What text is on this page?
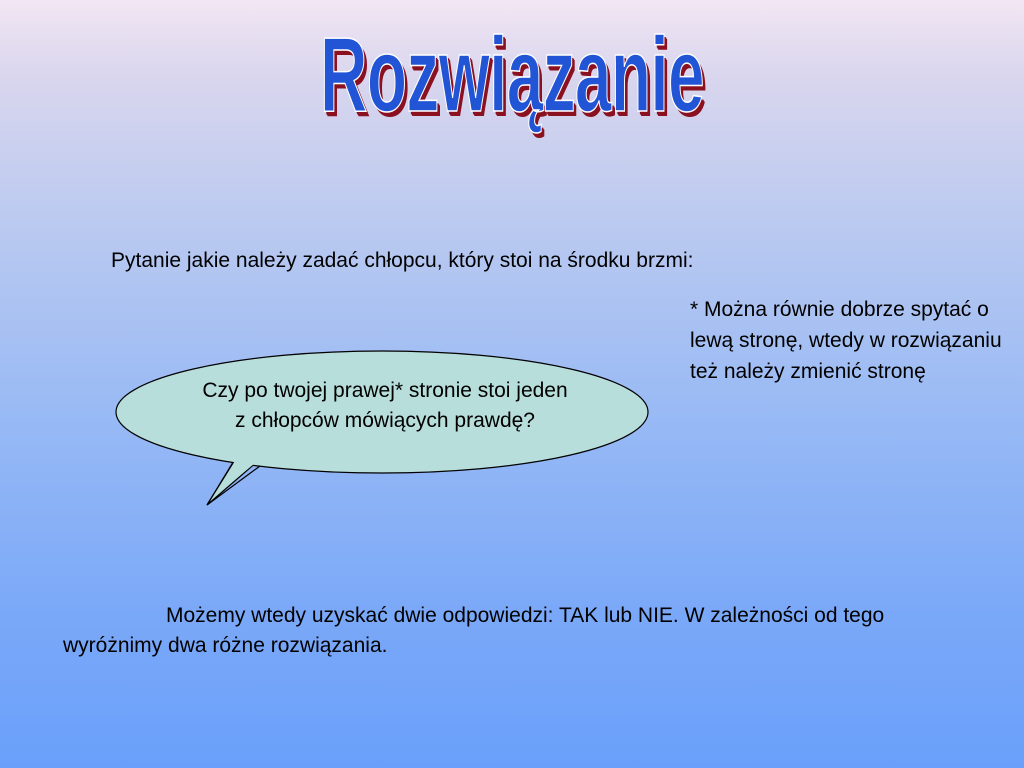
Rozwiązanie
Pytanie jakie należy zadać chłopcu, który stoi na środku brzmi:
* Można równie dobrze spytać o lewą stronę, wtedy w rozwiązaniu też należy zmienić stronę
Czy po twojej prawej* stronie stoi jeden z chłopców mówiących prawdę?
Możemy wtedy uzyskać dwie odpowiedzi: TAK lub NIE. W zależności od tego wyróżnimy dwa różne rozwiązania.
